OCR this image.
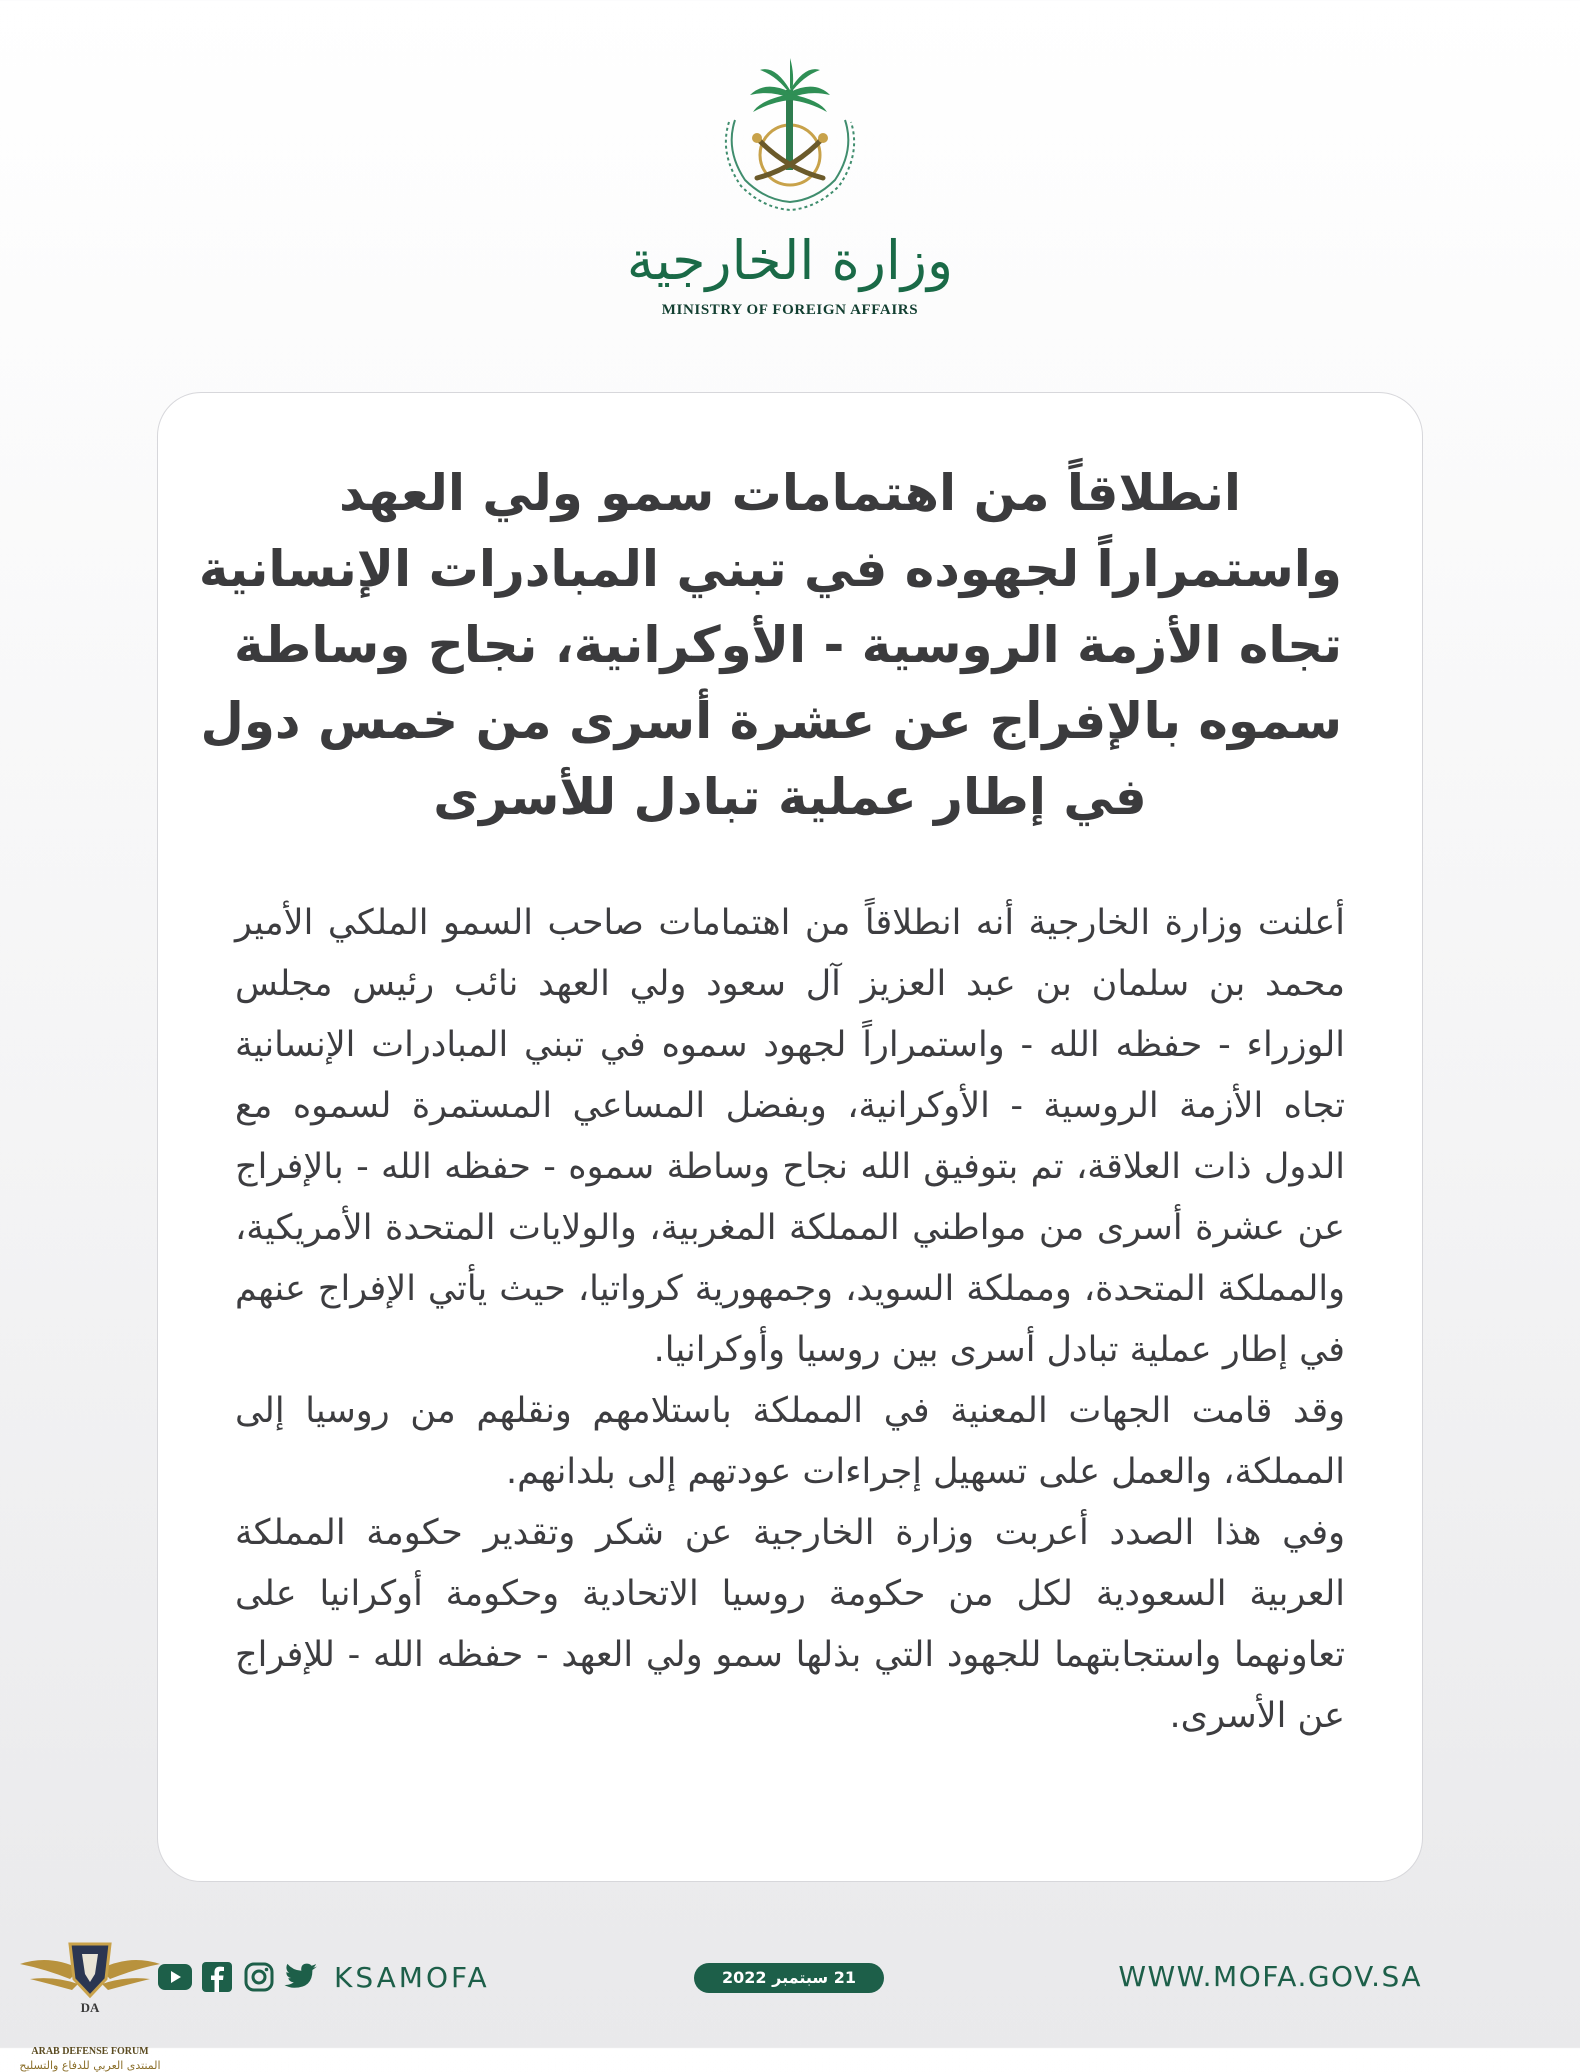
وزارة الخارجية
MINISTRY OF FOREIGN AFFAIRS
انطلاقاً من اهتمامات سمو ولي العهد
واستمراراً لجهوده في تبني المبادرات الإنسانية
تجاه الأزمة الروسية - الأوكرانية، نجاح وساطة
سموه بالإفراج عن عشرة أسرى من خمس دول
في إطار عملية تبادل للأسرى

أعلنت وزارة الخارجية أنه انطلاقاً من اهتمامات صاحب السمو الملكي الأمير محمد بن سلمان بن عبد العزيز آل سعود ولي العهد نائب رئيس مجلس الوزراء - حفظه الله - واستمراراً لجهود سموه في تبني المبادرات الإنسانية تجاه الأزمة الروسية - الأوكرانية، وبفضل المساعي المستمرة لسموه مع الدول ذات العلاقة، تم بتوفيق الله نجاح وساطة سموه - حفظه الله - بالإفراج عن عشرة أسرى من مواطني المملكة المغربية، والولايات المتحدة الأمريكية، والمملكة المتحدة، ومملكة السويد، وجمهورية كرواتيا، حيث يأتي الإفراج عنهم في إطار عملية تبادل أسرى بين روسيا وأوكرانيا.

وقد قامت الجهات المعنية في المملكة باستلامهم ونقلهم من روسيا إلى المملكة، والعمل على تسهيل إجراءات عودتهم إلى بلدانهم.

وفي هذا الصدد أعربت وزارة الخارجية عن شكر وتقدير حكومة المملكة العربية السعودية لكل من حكومة روسيا الاتحادية وحكومة أوكرانيا على تعاونهما واستجابتهما للجهود التي بذلها سمو ولي العهد - حفظه الله - للإفراج عن الأسرى.

DA
ARAB DEFENSE FORUM
المنتدى العربي للدفاع والتسليح
KSAMOFA	21 سبتمبر 2022	WWW.MOFA.GOV.SA
